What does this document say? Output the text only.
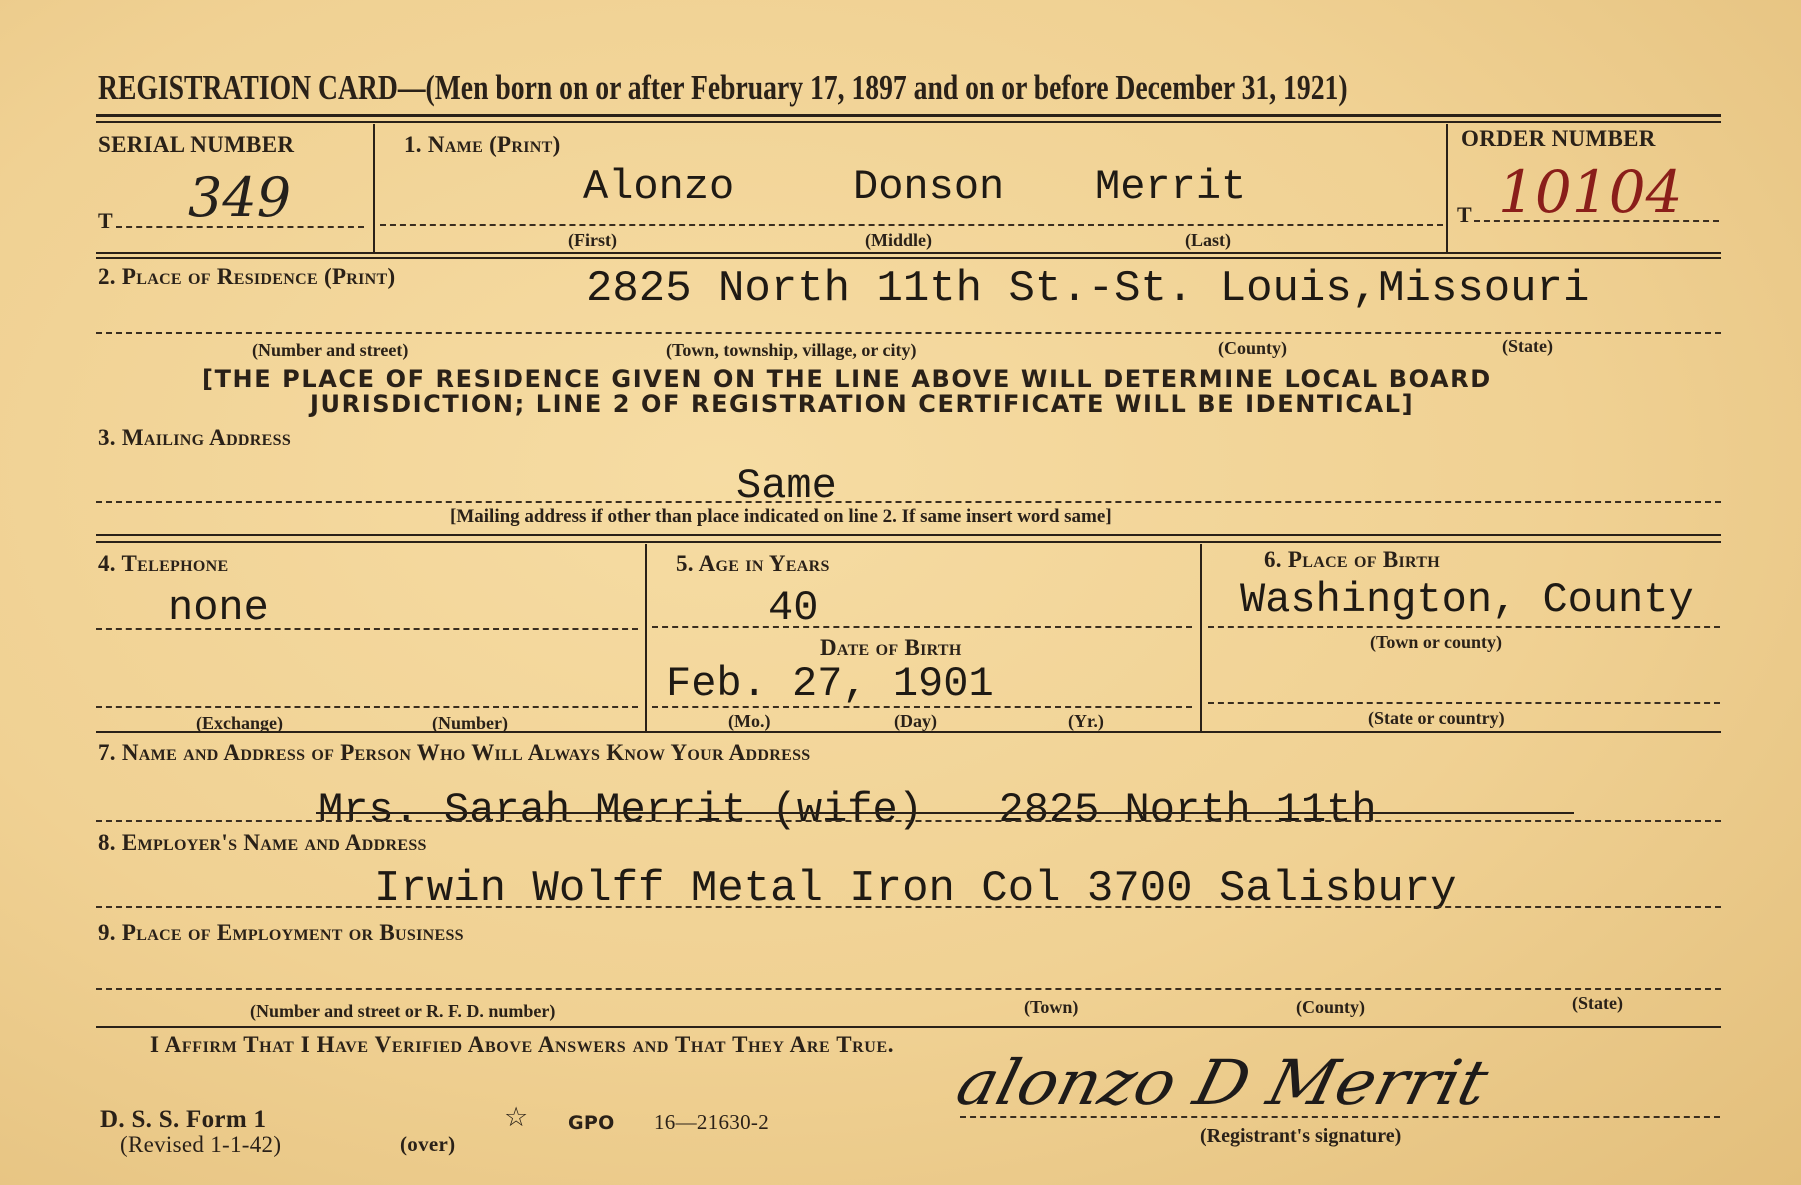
REGISTRATION CARD—(Men born on or after February 17, 1897 and on or before December 31, 1921)
SERIAL NUMBER
T 349
1. Name (Print)
Alonzo	Donson Merrit
(First)	(Middle)	(Last)
ORDER NUMBER
T 10104
2. Place of Residence (Print)	2825 North 11th St.-St. Louis,Missouri
(Number and street)	(Town, township, village, or city)	(County)	(State)
[THE PLACE OF RESIDENCE GIVEN ON THE LINE ABOVE WILL DETERMINE LOCAL BOARD
JURISDICTION; LINE 2 OF REGISTRATION CERTIFICATE WILL BE IDENTICAL]
3. Mailing Address
Same
[Mailing address if other than place indicated on line 2. If same insert word same]
4. Telephone
none
(Exchange)	(Number)
5. Age in Years
40
Date of Birth
Feb. 27, 1901
(Mo.)	(Day)	(Yr.)
6. Place of Birth
Washington, County
(Town or county)
(State or country)
7. Name and Address of Person Who Will Always Know Your Address
Mrs. Sarah Merrit (wife)   2825 North 11th
8. Employer's Name and Address
Irwin Wolff Metal Iron Col 3700 Salisbury
9. Place of Employment or Business
(Number and street or R. F. D. number)	(Town)	(County)	(State)
I Affirm That I Have Verified Above Answers and That They Are True.
D. S. S. Form 1
(Revised 1-1-42)	(over)
☆ GPO 16—21630-2
alonzo D Merrit
(Registrant's signature)
